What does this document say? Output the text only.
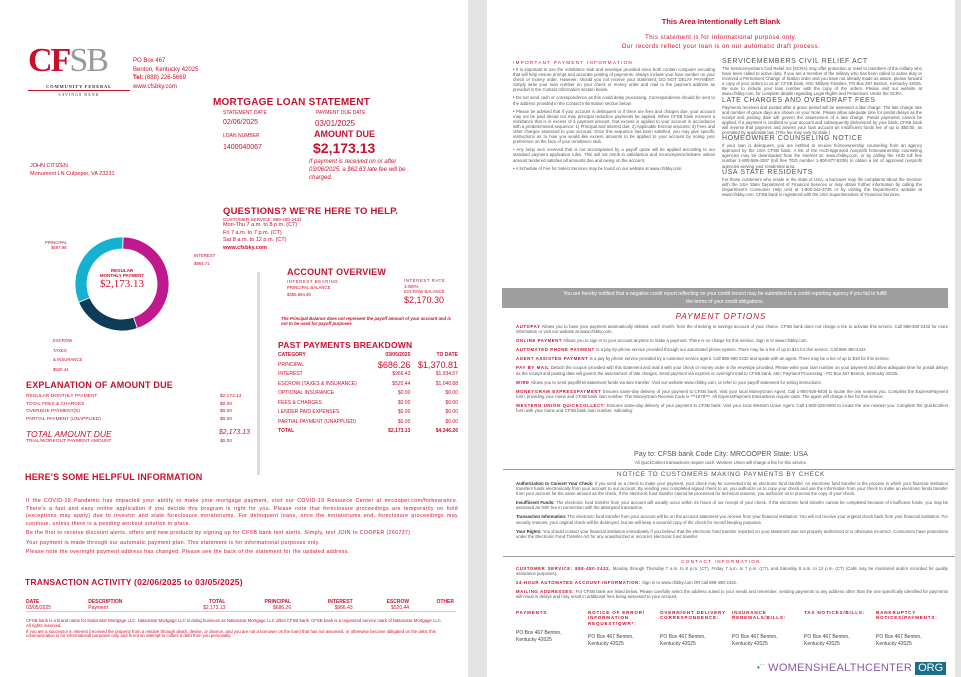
CFSB
COMMUNITY FEDERAL
SAVINGS BANK
PO Box 467
Benton, Kentucky 42025
Tel: (888) 226-5669
www.cfsbky.com
MORTGAGE LOAN STATEMENT
STATEMENT DATE
02/06/2025
LOAN NUMBER
1400040067
PAYMENT DUE DATE
03/01/2025
AMOUNT DUE
$2,173.13
If payment is received on or after 03/06/2025, a $62.63 late fee will be charged.
JOHN CITIZEN
Monument LN Culpeper, VA 23231
QUESTIONS? WE'RE HERE TO HELP.
CUSTOMER SERVICE: 888-480-2432
Mon-Thu 7 a.m. to 8 p.m. (CT)
Fri 7 a.m. to 7 p.m. (CT)
Sat 8 a.m. to 12 p.m. (CT)
www.cfsbky.com
REGULAR
MONTHLY PAYMENT
$2,173.13
PRINCIPAL
$687.98
INTEREST
$964.71
ESCROW
TAXES
& INSURANCE
$520.44
ACCOUNT OVERVIEW
INTEREST BEARING
PRINCIPAL BALANCE
$385,884.90
INTEREST RATE
3.000%
ESCROW BALANCE
$2,170.30
The Principal Balance does not represent the payoff amount of your account and is not to be used for payoff purposes
PAST PAYMENTS BREAKDOWN
CATEGORY	03/05/2025	TO DATE
PRINCIPAL	$686.26	$1,370.81
INTEREST	$966.43	$1,934.57
ESCROW (TAXES & INSURANCE)	$520.44	$1,040.88
OPTIONAL INSURANCE	$0.00	$0.00
FEES & CHARGES	$0.00	$0.00
LENDER PAID EXPENSES	$0.00	$0.00
PARTIAL PAYMENT (UNAPPLIED)	$0.00	$0.00
TOTAL	$2,173.13	$4,346.26
EXPLANATION OF AMOUNT DUE
REGULAR MONTHLY PAYMENT	$2,173.13
TOTAL FEES & CHARGES	$0.00
OVERDUE PAYMENT(S)	$0.00
PARTIAL PAYMENT (UNAPPLIED)	$0.00
TOTAL AMOUNT DUE	$2,173.13
TRIAL/WORKOUT PAYMENT AMOUNT	$0.00
HERE'S SOME HELPFUL INFORMATION

If the COVID-19 Pandemic has impacted your ability to make your mortgage payment, visit our COVID-19 Resource Center at mrcooper.com/forbearance. There's a fast and easy online application if you decide this program is right for you. Please note that foreclosure proceedings are temporarily on hold (exceptions may apply) due to investor and state foreclosure moratoriums. For delinquent loans, once the moratoriums end, foreclosure proceedings may continue, unless there is a pending workout solution in place.

Be the first to receive discount alerts, offers and new products by signing up for CFSB bank text alerts. Simply, text JOIN to COOPER (266737)

Your payment is made through our automatic payment plan. This statement is for informational purposes only.

Please note the overnight payment address has changed. Please see the back of the statement for the updated address.

TRANSACTION ACTIVITY (02/06/2025 to 03/05/2025)
DATE	DESCRIPTION	TOTAL	PRINCIPAL	INTEREST	ESCROW	OTHER
03/05/2025	Payment	$2,173.13	$686.26	$966.43	$520.44	
CFSB bank is a brand name for Nationstar Mortgage LLC. Nationstar Mortgage LLC is doing business as Nationstar Mortgage LLC d/b/a CFSB bank. CFSB bank is a registered service mark of Nationstar Mortgage LLC. All rights reserved.
If you are a successor in interest (received the property from a relative through death, devise, or divorce, and you are not a borrower on the loan) that has not assumed, or otherwise become obligated on the debt, this communication is for informational purposes only and is not an attempt to collect a debt from you personally.
This Area Intentionally Left Blank
This statement is for informational purpose only.
Our records reflect your loan is on our automatic draft process.
IMPORTANT PAYMENT INFORMATION
• It is important to use the remittance stub and envelope provided since both contain computer encoding that will help ensure prompt and accurate posting of payments. Always include your loan number on your check or money order. However, should you not receive your statement, DO NOT DELAY PAYMENT. Simply write your loan number on your check or money order and mail to the payment address as provided in the Contact Information section below.
• Do not send cash or correspondence as this could delay processing. Correspondence should be sent to the address provided in the Contact Information section below.
• Please be advised that if your account is delinquent or if there are fees and charges due, your account may not be paid ahead nor may principal reduction payments be applied. When CFSB bank receives a remittance that is in excess of a payment amount, that excess is applied to your account in accordance with a predetermined sequence: 1) Principal and Interest due; 2) Applicable Escrow amounts; 3) Fees and other charges assessed to your account. Once this sequence has been satisfied, you may give specific instructions as to how you would like excess amounts to be applied to your account by noting your preference on the face of your remittance stub.
• Any lump sum received that is not accompanied by a payoff quote will be applied according to our standard payment application rules. This will not result in satisfaction and reconveyance/release unless amount tendered satisfies all amounts due and owing on the account.
• A Schedule of Fee for Select Services may be found on our website at www.cfsbky.com.
SERVICEMEMBERS CIVIL RELIEF ACT
The Servicemembers Civil Relief Act (SCRA) may offer protection or relief to members of the military who have been called to active duty. If you are a member of the military who has been called to active duty or received a Permanent Change of Station order and you have not already made us aware, please forward a copy of your orders to us at: CFSB bank, Attn: Military Families, PO Box 467 Benton, Kentucky 42025. Be sure to include your loan number with the copy of the orders. Please visit our website at www.cfsbky.com, for complete details regarding Legal Rights and Protections Under the SCRA.
LATE CHARGES AND OVERDRAFT FEES
Payments received and posted after a grace period will be assessed a late charge. The late charge rate and number of grace days are shown on your Note. Please allow adequate time for postal delays as the receipt and posting date will govern the assessment of a late charge. Partial payments cannot be applied. If a payment is credited to your account and subsequently dishonored by your bank, CFSB bank will reverse that payment and assess your loan account an insufficient funds fee of up to $50.00, as permitted by applicable law. (This fee may vary by state.)
HOMEOWNER COUNSELING NOTICE
If your loan is delinquent, you are entitled to receive homeownership counseling from an agency approved by the USA CFSB bank. A list of the HUD-approved nonprofit homeownership counseling agencies may be downloaded from the Internet at: www.cfsbky.com, or by calling the HUD toll free number 1-800-569-4287 (toll free TDD number 1-800-877-8339) to obtain a list of approved nonprofit agencies serving your residential area.
USA STATE RESIDENTS
For those customers who reside in the state of USA, a borrower may file complaints about the Servicer with the USA State Department of Financial Services or may obtain further information by calling the Department's Consumer Help Unit at 1-800-342-3736 or by visiting the Department's website at www.cfsbky.com. CFSB bank is registered with the USA Superintendent of Financial Services.
You are hereby notified that a negative credit report reflecting on your credit record may be submitted to a credit reporting agency if you fail to fulfill the terms of your credit obligations.
PAYMENT OPTIONS

AUTOPAY Allows you to have your payment automatically debited, each month, from the checking or savings account of your choice. CFSB bank does not charge a fee to activate this service. Call 888-480-2432 for more information or visit our website at www.cfsbky.com.

ONLINE PAYMENT Allows you to sign in to your account anytime to make a payment. There is no charge for this service. Sign in to www.cfsbky.com.

AUTOMATED PHONE PAYMENT Is a pay-by-phone service provided through our automated phone system. There may be a fee of up to $14 for this service. Call 888-480-2432.

AGENT ASSISTED PAYMENT Is a pay by phone service provided by a customer service agent. Call 888-480-2432 and speak with an agent. There may be a fee of up to $19 for this service.

PAY BY MAIL Detach the coupon provided with this statement and mail it with your check or money order in the envelope provided. Please write your loan number on your payment and allow adequate time for postal delays as the receipt and posting date will govern the assessment of late charges. Send payment via express or overnight mail to CFSB bank, Attn: Payment Processing - PO Box 467 Benton, Kentucky 42025.

WIRE Allows you to send payoff/reinstatement funds via wire transfer. Visit our website www.cfsbky.com, or refer to your payoff statement for wiring instructions.

MONEYGRAM EXPRESSPAYMENT Ensures same-day delivery of your payment to CFSB bank. Visit your local MoneyGram Agent. Call 1-800-926-9400 to locate the one nearest you. Complete the ExpressPayment form, providing your name and CFSB bank loan number. The MoneyGram Receive Code is ***1678***. All ExpressPayment transactions require cash. The agent will charge a fee for this service.

WESTERN UNION QUICKCOLLECT: Ensures same-day delivery of your payment to CFSB bank. Visit your local Western Union Agent. Call 1-800-325-6000 to locate the one nearest you. Complete the QuickCollect form with your name and CFSB bank loan number, indicating:

Pay to: CFSB bank Code City: MRCOOPER State: USA
All QuickCollect transactions require cash. Western Union will charge a fee for this service.
NOTICE TO CUSTOMERS MAKING PAYMENTS BY CHECK

Authorization to Convert Your Check: If you send us a check to make your payment, your check may be converted into an electronic fund transfer. An electronic fund transfer is the process in which your financial institution transfers funds electronically from your account to our account. By sending your completed signed check to us, you authorize us to copy your check and use the information from your check to make an electronic funds transfer from your account for the same amount as the check. If the electronic fund transfer cannot be processed for technical reasons, you authorize us to process the copy of your check.

Insufficient Funds: The electronic fund transfer from your account will usually occur within 24 hours of our receipt of your check. If the electronic fund transfer cannot be completed because of insufficient funds, you may be assessed an NSF fee in connection with the attempted transaction.

Transaction Information: The electronic fund transfer from your account will be on the account statement you receive from your financial institution. You will not receive your original check back from your financial institution. For security reasons, your original check will be destroyed, but we will keep a secured copy of the check for record keeping purposes.

Your Rights: You should contact your financial institution immediately if you believe that the electronic fund transfer reported on your statement was not properly authorized or is otherwise incorrect. Consumers have protections under the Electronic Fund Transfer Act for any unauthorized or incorrect electronic fund transfer.

CONTACT INFORMATION

CUSTOMER SERVICE: 888-480-2432, Monday through Thursday 7 a.m. to 8 p.m. (CT), Friday 7 a.m. to 7 p.m. (CT), and Saturday 8 a.m. to 12 p.m. (CT) (Calls may be monitored and/or recorded for quality assurance purposes).

24-HOUR AUTOMATED ACCOUNT INFORMATION: Sign in to www.cfsbky.com OR call 888-480-2432.

MAILING ADDRESSES: For CFSB bank are listed below. Please carefully select the address suited to your needs and remember, sending payments to any address other than the one specifically identified for payments will result in delays and may result in additional fees being assessed to your account.

PAYMENTS
PO Box 467 Benton, Kentucky 42025
NOTICE OF ERROR/ INFORMATION REQUEST/QWR*:
PO Box 467 Benton, Kentucky 42025
OVERNIGHT DELIVERY CORRESPONDENCE:
PO Box 467 Benton, Kentucky 42025
INSURANCE RENEWALS/BILLS:
PO Box 467 Benton, Kentucky 42025
TAX NOTICES/BILLS:
PO Box 467 Benton, Kentucky 42025
BANKRUPTCY NOTICES/PAYMENTS:
PO Box 467 Benton, Kentucky 42025
•˙˙ WOMENSHEALTHCENTER ORG
